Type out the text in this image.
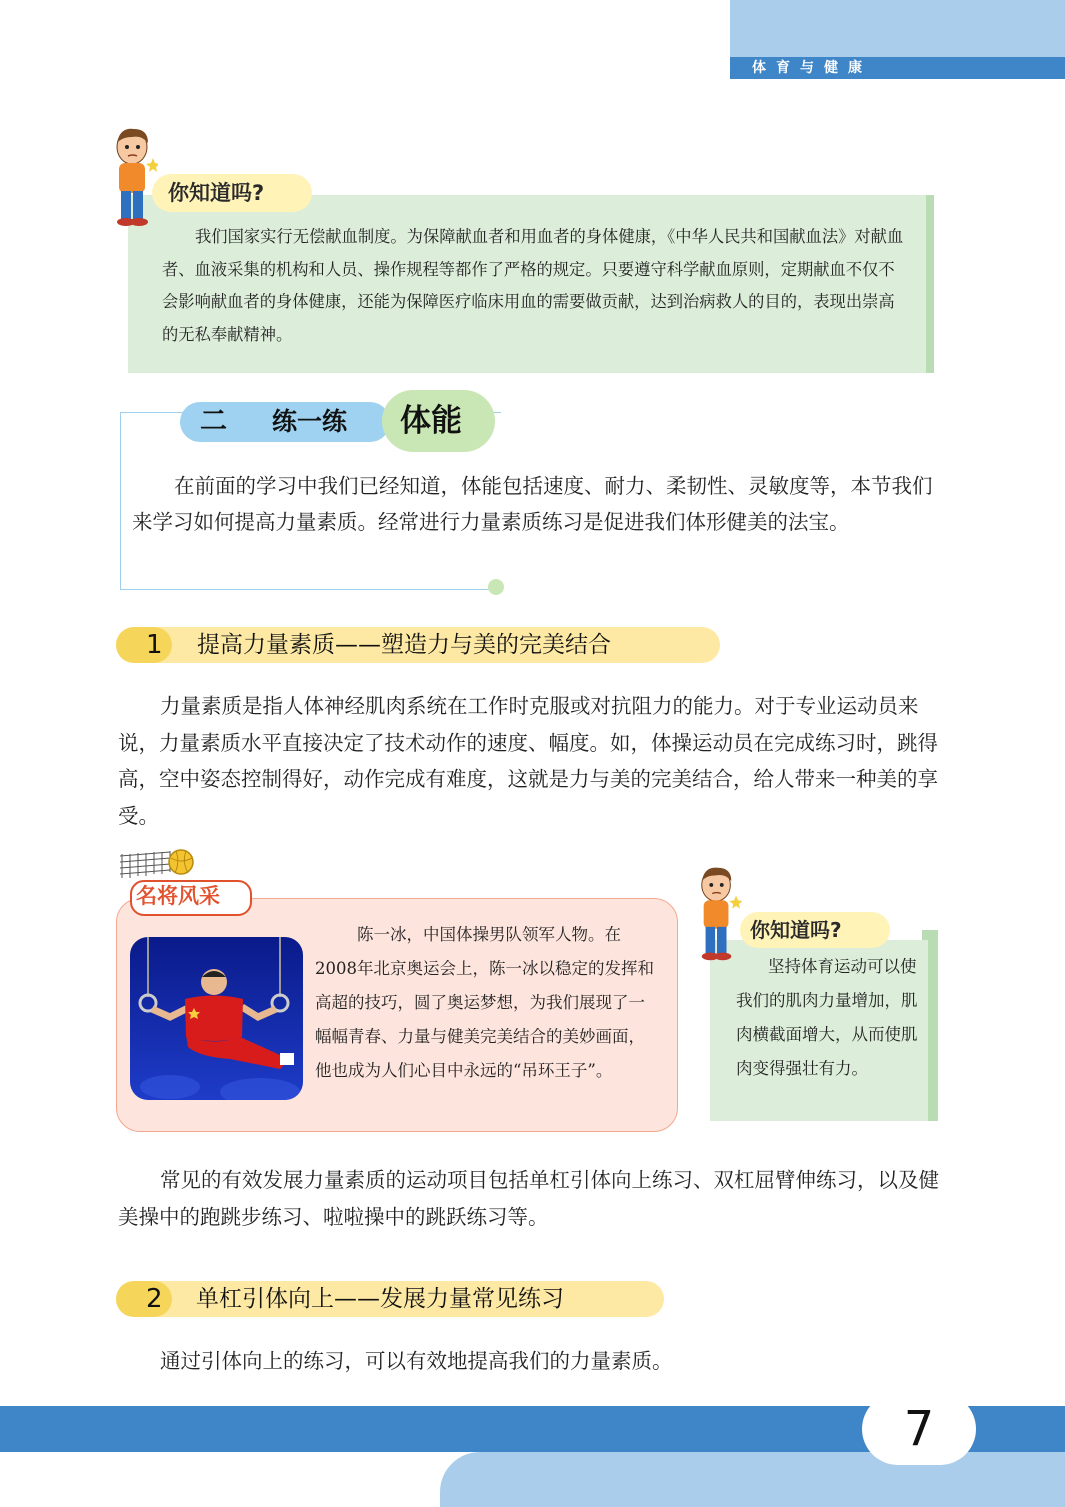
体育与健康
你知道吗?
我们国家实行无偿献血制度。为保障献血者和用血者的身体健康，《中华人民共和国献血法》对献血者、血液采集的机构和人员、操作规程等都作了严格的规定。只要遵守科学献血原则，定期献血不仅不会影响献血者的身体健康，还能为保障医疗临床用血的需要做贡献，达到治病救人的目的，表现出崇高的无私奉献精神。
二 练一练 体能
在前面的学习中我们已经知道，体能包括速度、耐力、柔韧性、灵敏度等，本节我们来学习如何提高力量素质。经常进行力量素质练习是促进我们体形健美的法宝。
1 提高力量素质——塑造力与美的完美结合
力量素质是指人体神经肌肉系统在工作时克服或对抗阻力的能力。对于专业运动员来说，力量素质水平直接决定了技术动作的速度、幅度。如，体操运动员在完成练习时，跳得高，空中姿态控制得好，动作完成有难度，这就是力与美的完美结合，给人带来一种美的享受。
名将风采
陈一冰，中国体操男队领军人物。在2008年北京奥运会上，陈一冰以稳定的发挥和高超的技巧，圆了奥运梦想，为我们展现了一幅幅青春、力量与健美完美结合的美妙画面，他也成为人们心目中永远的“吊环王子”。
你知道吗?
坚持体育运动可以使我们的肌肉力量增加，肌肉横截面增大，从而使肌肉变得强壮有力。
常见的有效发展力量素质的运动项目包括单杠引体向上练习、双杠屈臂伸练习，以及健美操中的跑跳步练习、啦啦操中的跳跃练习等。
2 单杠引体向上——发展力量常见练习
通过引体向上的练习，可以有效地提高我们的力量素质。
7
